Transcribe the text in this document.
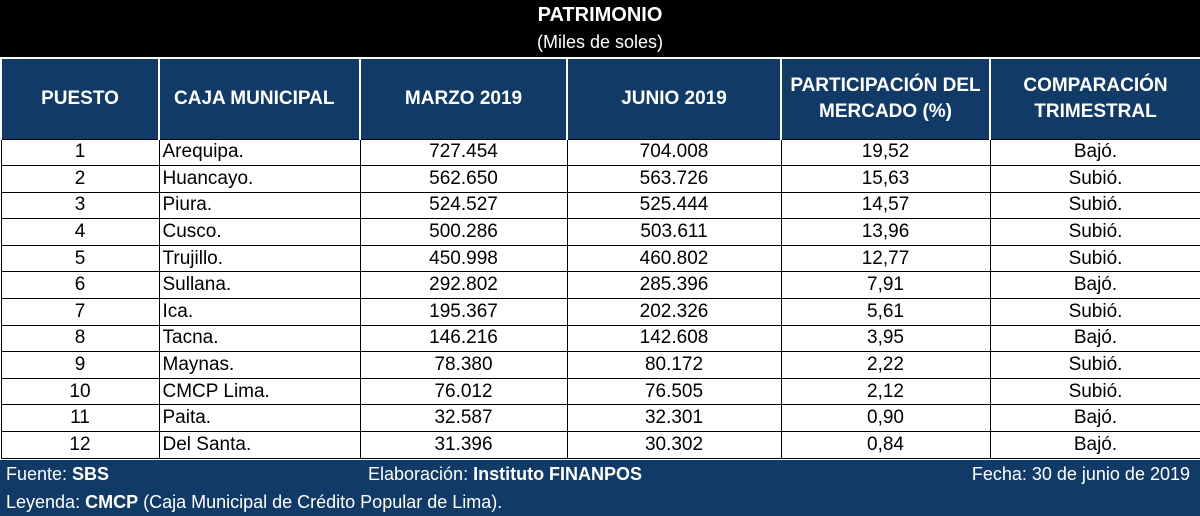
PATRIMONIO
(Miles de soles)
PUESTO	CAJA MUNICIPAL	MARZO 2019	JUNIO 2019	PARTICIPACIÓN DEL MERCADO (%)	COMPARACIÓN TRIMESTRAL
1	Arequipa.	727.454	704.008	19,52	Bajó.
2	Huancayo.	562.650	563.726	15,63	Subió.
3	Piura.	524.527	525.444	14,57	Subió.
4	Cusco.	500.286	503.611	13,96	Subió.
5	Trujillo.	450.998	460.802	12,77	Subió.
6	Sullana.	292.802	285.396	7,91	Bajó.
7	Ica.	195.367	202.326	5,61	Subió.
8	Tacna.	146.216	142.608	3,95	Bajó.
9	Maynas.	78.380	80.172	2,22	Subió.
10	CMCP Lima.	76.012	76.505	2,12	Subió.
11	Paita.	32.587	32.301	0,90	Bajó.
12	Del Santa.	31.396	30.302	0,84	Bajó.
Fuente: SBS	Elaboración: Instituto FINANPOS	Fecha: 30 de junio de 2019
Leyenda: CMCP (Caja Municipal de Crédito Popular de Lima).
